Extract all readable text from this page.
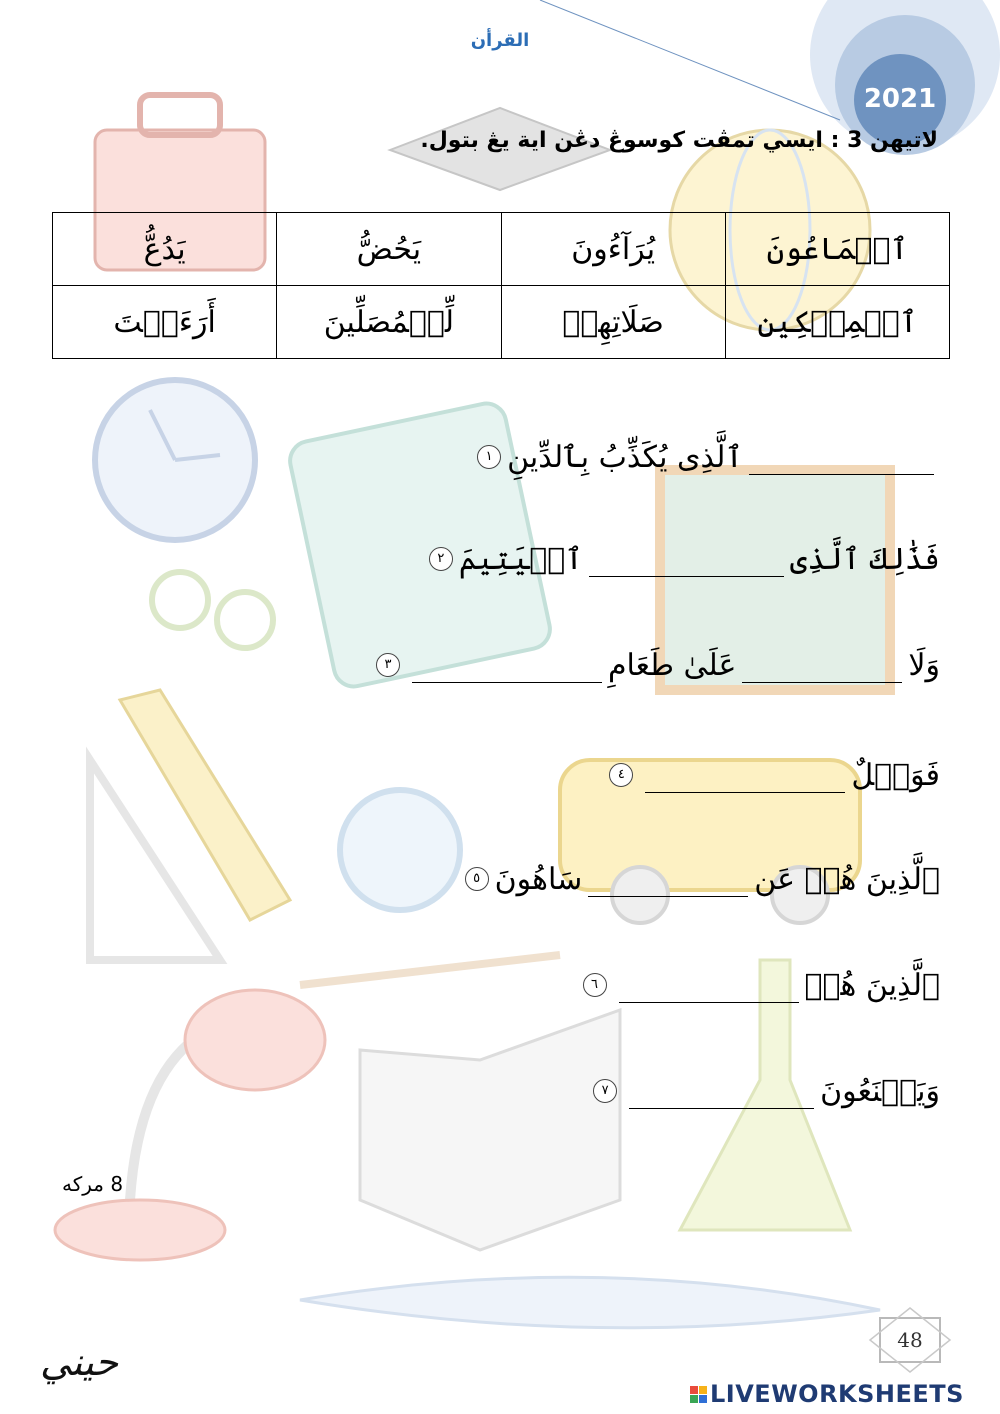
القرأن
2021
لاتيهن 3 : ايسي تمڤت كوسوڠ دڠن اية يڠ بتول.
ٱلۡمَاعُونَ	يُرَآءُونَ	يَحُضُّ	يَدُعُّ
ٱلۡمِسۡكِينِ	صَلَاتِهِمۡ	لِّلۡمُصَلِّينَ	أَرَءَيۡتَ
ٱلَّذِى يُكَذِّبُ بِٱلدِّينِ
١
فَذَٰلِكَ ٱلَّذِى
ٱلۡيَتِيمَ
٢
وَلَا
عَلَىٰ طَعَامِ
٣
فَوَيۡلٌ
٤
ٱلَّذِينَ هُمۡ عَن
سَاهُونَ
٥
ٱلَّذِينَ هُمۡ
٦
وَيَمۡنَعُونَ
٧
8 مركه
48
حيني
LIVEWORKSHEETS
